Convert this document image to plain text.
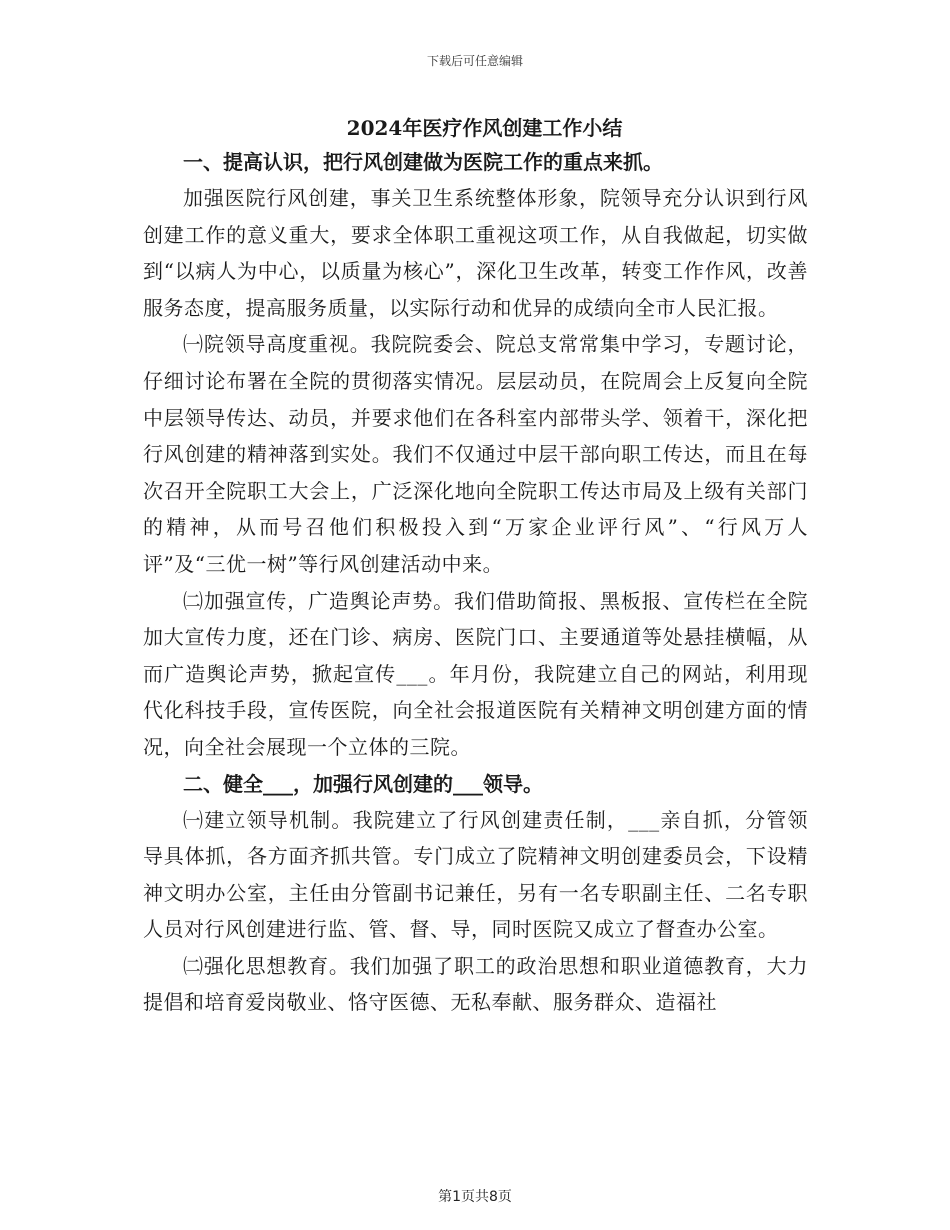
下载后可任意编辑
2024年医疗作风创建工作小结

一、提高认识，把行风创建做为医院工作的重点来抓。

加强医院行风创建，事关卫生系统整体形象，院领导充分认识到行风创建工作的意义重大，要求全体职工重视这项工作，从自我做起，切实做到“以病人为中心，以质量为核心”，深化卫生改革，转变工作作风，改善服务态度，提高服务质量，以实际行动和优异的成绩向全市人民汇报。

㈠院领导高度重视。我院院委会、院总支常常集中学习，专题讨论，仔细讨论布署在全院的贯彻落实情况。层层动员，在院周会上反复向全院中层领导传达、动员，并要求他们在各科室内部带头学、领着干，深化把行风创建的精神落到实处。我们不仅通过中层干部向职工传达，而且在每次召开全院职工大会上，广泛深化地向全院职工传达市局及上级有关部门的精神，从而号召他们积极投入到“万家企业评行风”、“行风万人评”及“三优一树”等行风创建活动中来。

㈡加强宣传，广造舆论声势。我们借助简报、黑板报、宣传栏在全院加大宣传力度，还在门诊、病房、医院门口、主要通道等处悬挂横幅，从而广造舆论声势，掀起宣传___。年月份，我院建立自己的网站，利用现代化科技手段，宣传医院，向全社会报道医院有关精神文明创建方面的情况，向全社会展现一个立体的三院。

二、健全___，加强行风创建的___领导。

㈠建立领导机制。我院建立了行风创建责任制，___亲自抓，分管领导具体抓，各方面齐抓共管。专门成立了院精神文明创建委员会，下设精神文明办公室，主任由分管副书记兼任，另有一名专职副主任、二名专职人员对行风创建进行监、管、督、导，同时医院又成立了督查办公室。

㈡强化思想教育。我们加强了职工的政治思想和职业道德教育，大力提倡和培育爱岗敬业、恪守医德、无私奉献、服务群众、造福社

第1页共8页
